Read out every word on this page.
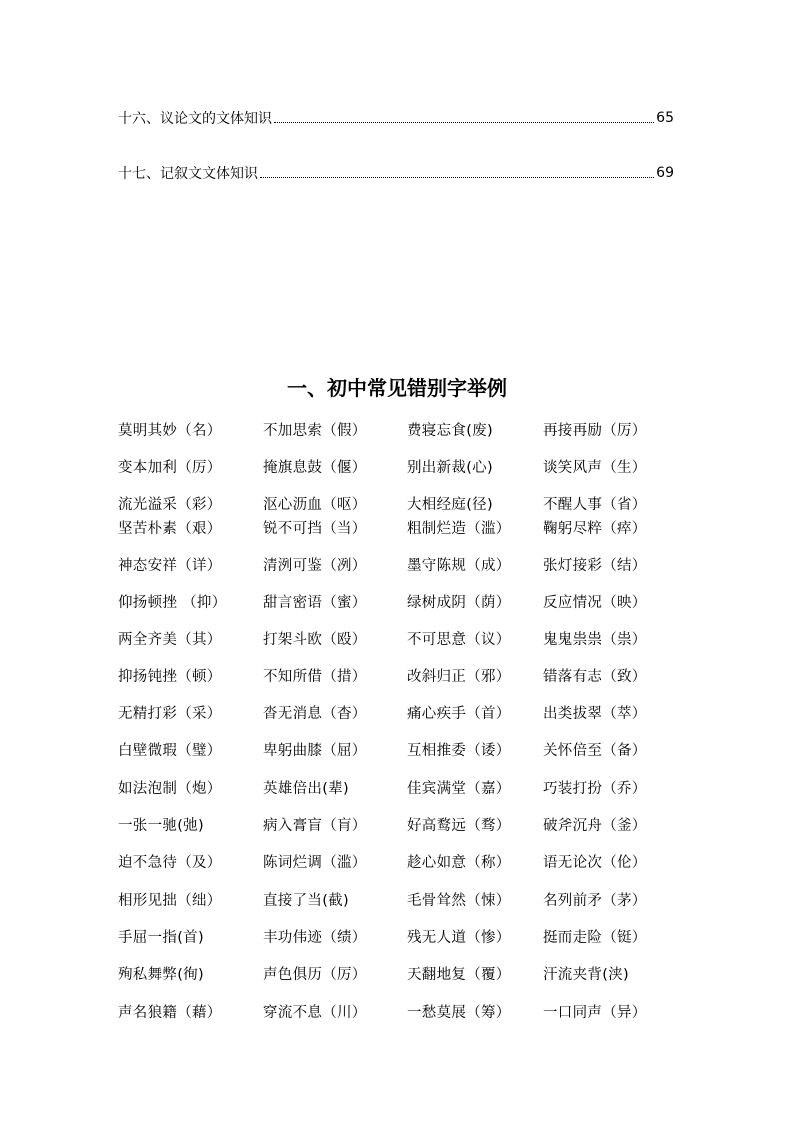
十六、议论文的文体知识	65
十七、记叙文文体知识	69
一、初中常见错别字举例
莫明其妙（名）	不加思索（假）	费寝忘食(废)	再接再励（厉）
变本加利（厉）	掩旗息鼓（偃）	别出新裁(心)	谈笑风声（生）
流光溢采（彩）	沤心沥血（呕）	大相经庭(径)	不醒人事（省）
坚苦朴素（艰）	锐不可挡（当）	粗制烂造（滥） 鞠躬尽粹（瘁）
神态安祥（详）	清洌可鉴（冽）	墨守陈规（成） 张灯接彩（结）
仰扬顿挫 （抑）	甜言密语（蜜）	绿树成阴（荫） 反应情况（映）
两全齐美（其）	打架斗欧（殴）	不可思意（议） 鬼鬼祟祟（祟）
抑扬钝挫（顿）	不知所借（措）	改斜归正（邪） 错落有志（致）
无精打彩（采）	沓无消息（杳）	痛心疾手（首） 出类拔翠（萃）
白壁微瑕（璧）	卑躬曲膝（屈）	互相推委（诿） 关怀倍至（备）
如法泡制（炮）	英雄倍出(辈)	佳宾满堂（嘉） 巧装打扮（乔）
一张一驰(弛)	病入膏盲（肓）	好高鹜远（骛） 破斧沉舟（釜）
迫不急待（及）	陈词烂调（滥）	趁心如意（称） 语无论次（伦）
相形见拙（绌）	直接了当(截)	毛骨耸然（悚） 名列前矛（茅）
手屈一指(首)	丰功伟迹（绩）	残无人道（惨） 挺而走险（铤）
殉私舞弊(徇)	声色俱历（厉）	天翻地复（覆） 汗流夹背(浃)
声名狼籍（藉）	穿流不息（川）	一愁莫展（筹） 一口同声（异）
